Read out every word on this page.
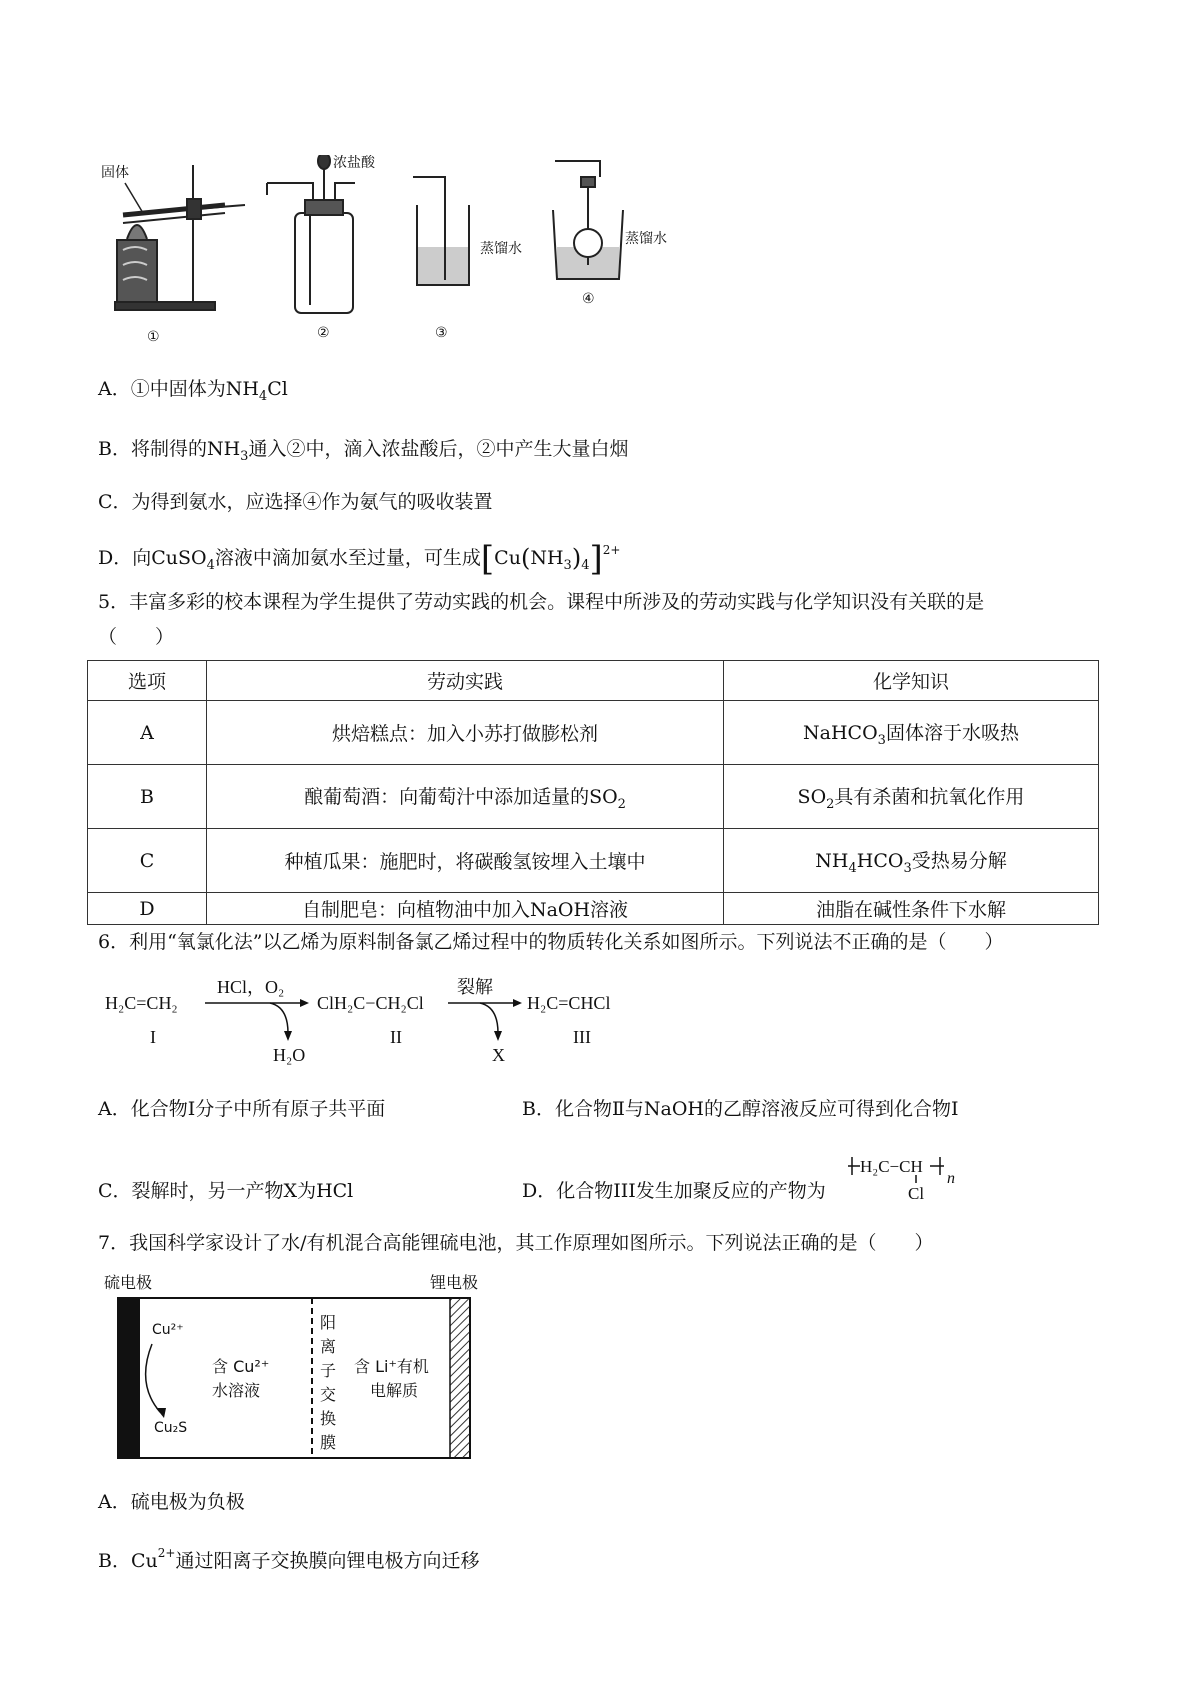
固体
①
浓盐酸
②
蒸馏水
③
蒸馏水
④
A．①中固体为$NH_4Cl$
B．将制得的$NH_3$通入②中，滴入浓盐酸后，②中产生大量白烟
C．为得到氨水，应选择④作为氨气的吸收装置
D．向CuSO$_4$溶液中滴加氨水至过量，可生成$[Cu(NH_3)_4]^{2+}$
5．丰富多彩的校本课程为学生提供了劳动实践的机会。课程中所涉及的劳动实践与化学知识没有关联的是
（　　）
选项	劳动实践	化学知识
A	烘焙糕点：加入小苏打做膨松剂	NaHCO$_3$固体溶于水吸热
B	酿葡萄酒：向葡萄汁中添加适量的$SO_2$	$SO_2$具有杀菌和抗氧化作用
C	种植瓜果：施肥时，将碳酸氢铵埋入土壤中	$NH_4HCO_3$受热易分解
D	自制肥皂：向植物油中加入NaOH溶液	油脂在碱性条件下水解
6．利用“氧氯化法”以乙烯为原料制备氯乙烯过程中的物质转化关系如图所示。下列说法不正确的是（　　）
H₂C=CH₂
I
HCl，O₂
H₂O
ClH₂C−CH₂Cl
II
裂解
X
H₂C=CHCl
III
A．化合物Ⅰ分子中所有原子共平面	B．化合物Ⅱ与NaOH的乙醇溶液反应可得到化合物Ⅰ
C．裂解时，另一产物X为HCl	D．化合物III发生加聚反应的产物为
H₂C−CH
Cl
n
7．我国科学家设计了水/有机混合高能锂硫电池，其工作原理如图所示。下列说法正确的是（　　）
硫电极	锂电极
Cu²⁺
Cu₂S
含 Cu²⁺
水溶液
阳
离
子
交
换
膜
含 Li⁺有机
电解质
A．硫电极为负极
B．$Cu^{2+}$通过阳离子交换膜向锂电极方向迁移
